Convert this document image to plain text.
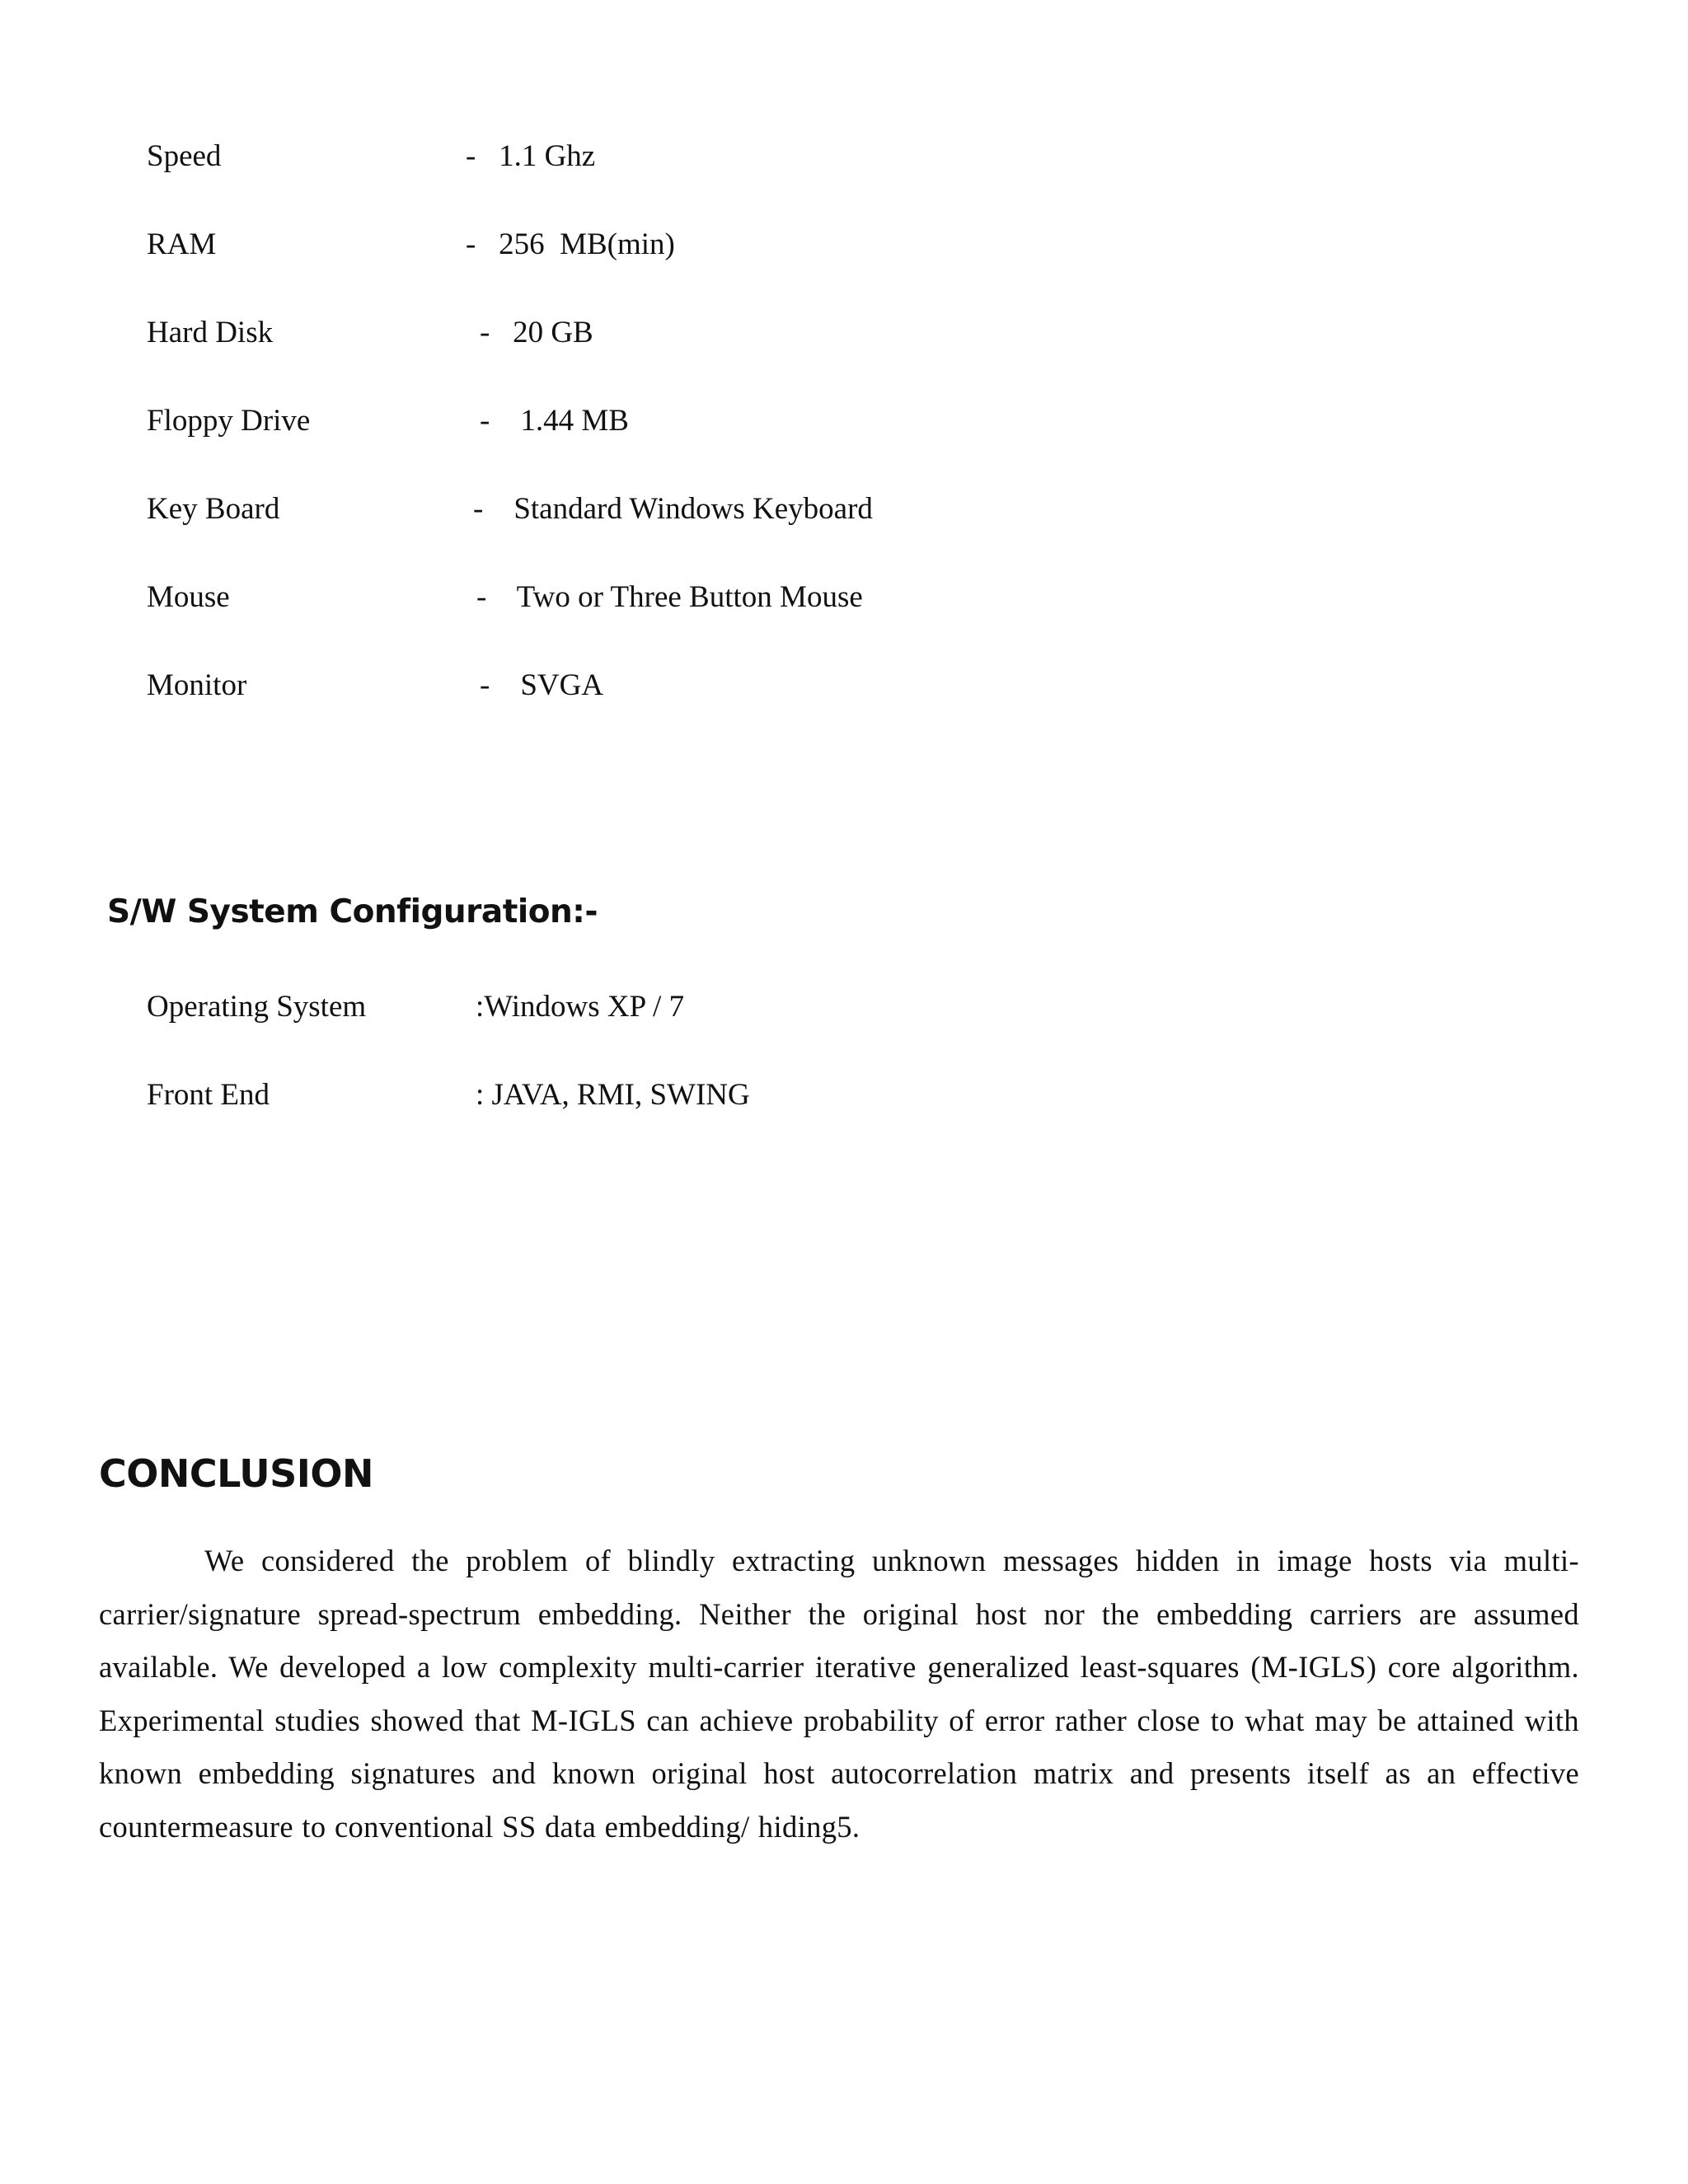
Speed	-   1.1 Ghz
RAM	-   256  MB(min)
Hard Disk	-   20 GB
Floppy Drive	-    1.44 MB
Key Board	-    Standard Windows Keyboard
Mouse	-    Two or Three Button Mouse
Monitor	-    SVGA
S/W System Configuration:-
Operating System	:Windows XP / 7
Front End	: JAVA, RMI, SWING
CONCLUSION

We considered the problem of blindly extracting unknown messages hidden in image hosts via multi-carrier/signature spread-spectrum embedding. Neither the original host nor the embedding carriers are assumed available. We developed a low complexity multi-carrier iterative generalized least-squares (M-IGLS) core algorithm. Experimental studies showed that M-IGLS can achieve probability of error rather close to what may be attained with known embedding signatures and known original host autocorrelation matrix and presents itself as an effective countermeasure to conventional SS data embedding/ hiding5.
